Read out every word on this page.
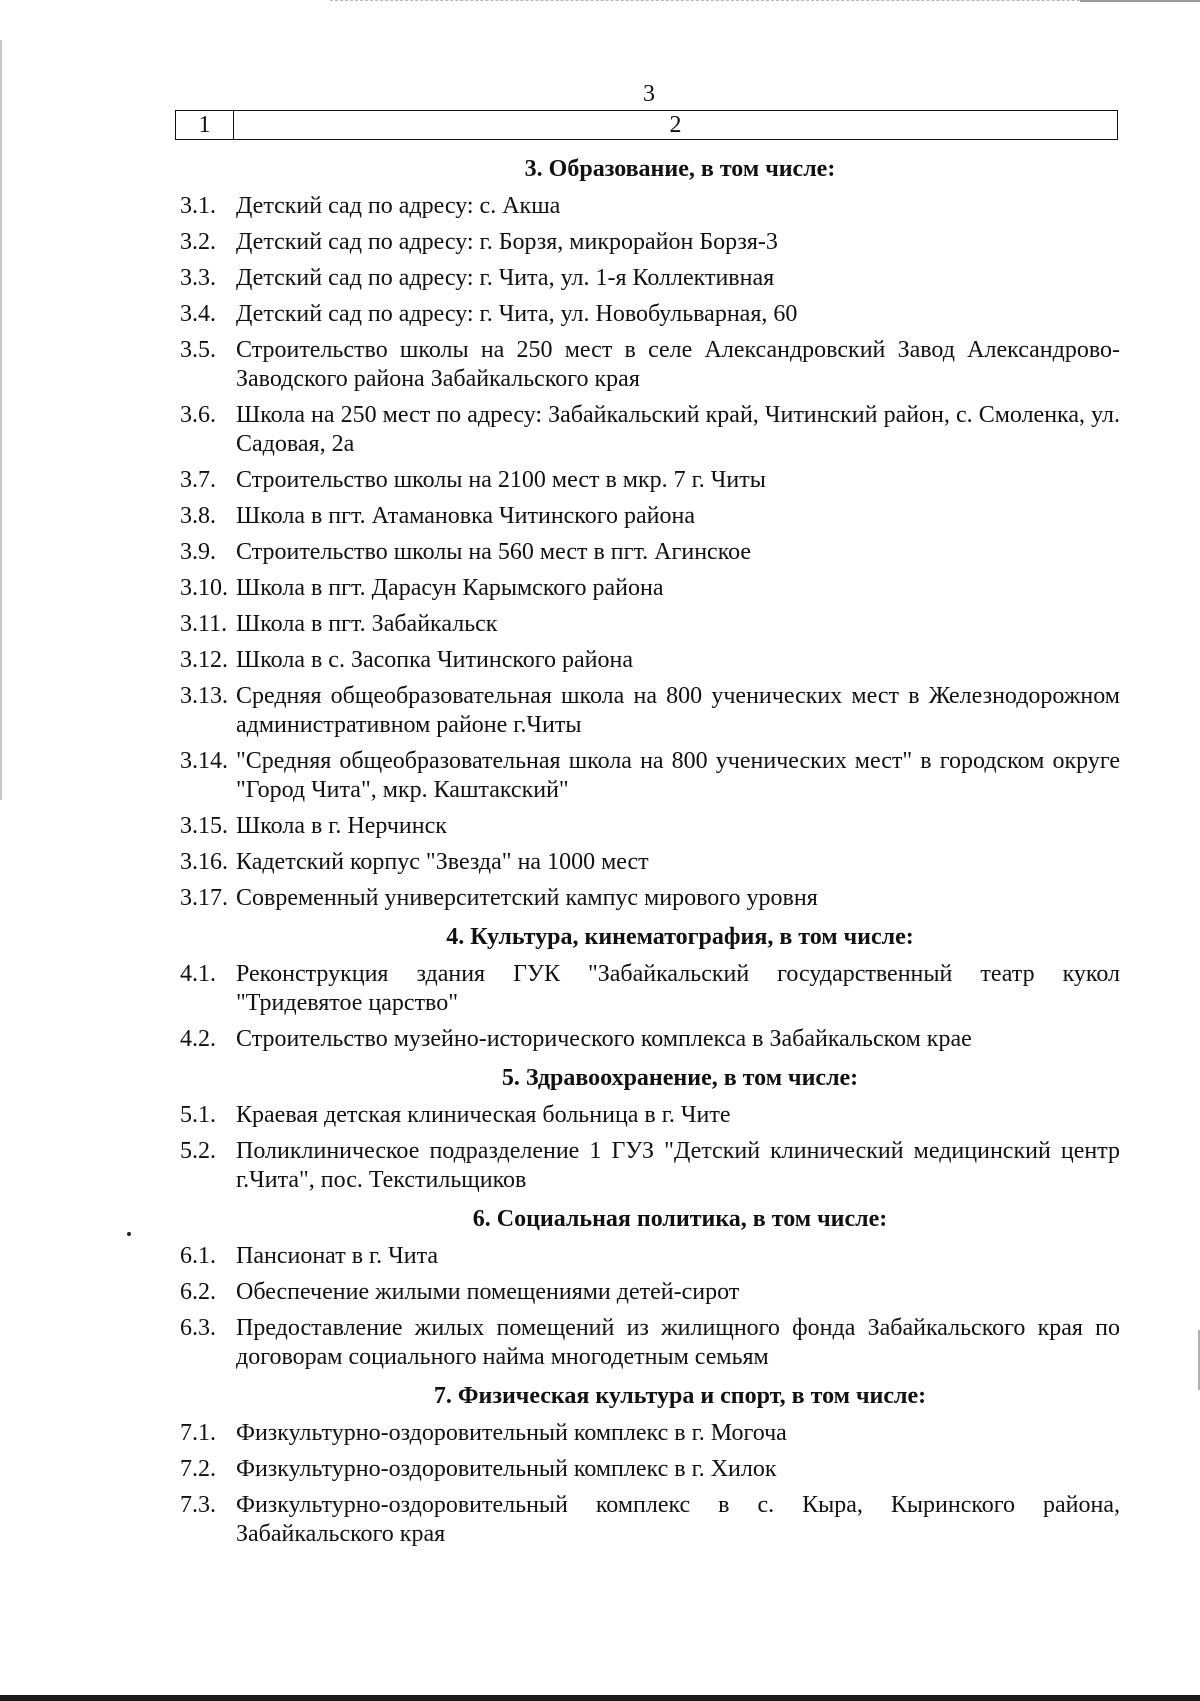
3
1	2
3. Образование, в том числе:
3.1. Детский сад по адресу: с. Акша
3.2. Детский сад по адресу: г. Борзя, микрорайон Борзя-3
3.3. Детский сад по адресу: г. Чита, ул. 1-я Коллективная
3.4. Детский сад по адресу: г. Чита, ул. Новобульварная, 60
3.5. Строительство школы на 250 мест в селе Александровский Завод Александрово-Заводского района Забайкальского края
3.6. Школа на 250 мест по адресу: Забайкальский край, Читинский район, с. Смоленка, ул. Садовая, 2а
3.7. Строительство школы на 2100 мест в мкр. 7 г. Читы
3.8. Школа в пгт. Атамановка Читинского района
3.9. Строительство школы на 560 мест в пгт. Агинское
3.10. Школа в пгт. Дарасун Карымского района
3.11. Школа в пгт. Забайкальск
3.12. Школа в с. Засопка Читинского района
3.13. Средняя общеобразовательная школа на 800 ученических мест в Железнодорожном административном районе г.Читы
3.14. "Средняя общеобразовательная школа на 800 ученических мест" в городском округе "Город Чита", мкр. Каштакский"
3.15. Школа в г. Нерчинск
3.16. Кадетский корпус "Звезда" на 1000 мест
3.17. Современный университетский кампус мирового уровня
4. Культура, кинематография, в том числе:
4.1. Реконструкция здания ГУК "Забайкальский государственный театр кукол "Тридевятое царство"
4.2. Строительство музейно-исторического комплекса в Забайкальском крае
5. Здравоохранение, в том числе:
5.1. Краевая детская клиническая больница в г. Чите
5.2. Поликлиническое подразделение 1 ГУЗ "Детский клинический медицинский центр г.Чита", пос. Текстильщиков
6. Социальная политика, в том числе:
6.1. Пансионат в г. Чита
6.2. Обеспечение жилыми помещениями детей-сирот
6.3. Предоставление жилых помещений из жилищного фонда Забайкальского края по договорам социального найма многодетным семьям
7. Физическая культура и спорт, в том числе:
7.1. Физкультурно-оздоровительный комплекс в г. Могоча
7.2. Физкультурно-оздоровительный комплекс в г. Хилок
7.3. Физкультурно-оздоровительный комплекс в с. Кыра, Кыринского района, Забайкальского края
